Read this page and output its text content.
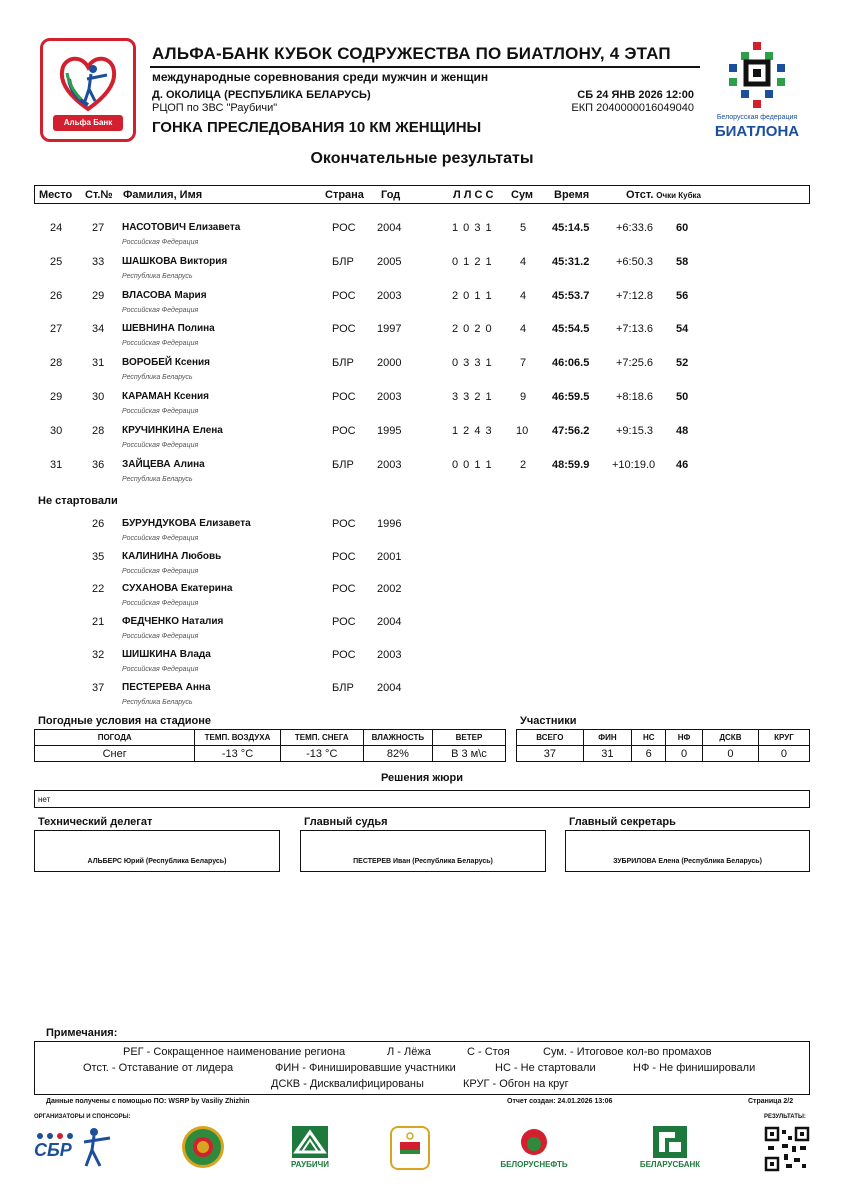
Альфа Банк
АЛЬФА-БАНК КУБОК СОДРУЖЕСТВА ПО БИАТЛОНУ, 4 ЭТАП
международные соревнования среди мужчин и женщин
Д. ОКОЛИЦА (РЕСПУБЛИКА БЕЛАРУСЬ)
РЦОП по ЗВС "Раубичи"
СБ 24 ЯНВ 2026 12:00
ЕКП 2040000016049040
ГОНКА ПРЕСЛЕДОВАНИЯ 10 КМ ЖЕНЩИНЫ
Белорусская федерация
БИАТЛОНА
Окончательные результаты
Место Ст.№ Фамилия, Имя	Страна Год	Л Л С С Сум Время	Отст. Очки Кубка
24	27 НАСОТОВИЧ Елизавета
Российская Федерация
РОС 2004	1 0 3 1	5 45:14.5 +6:33.6 60
25	33 ШАШКОВА Виктория
Республика Беларусь
БЛР 2005	0 1 2 1	4 45:31.2 +6:50.3 58
26	29 ВЛАСОВА Мария
Российская Федерация
РОС 2003	2 0 1 1	4 45:53.7 +7:12.8 56
27	34 ШЕВНИНА Полина
Российская Федерация
РОС 1997	2 0 2 0	4 45:54.5 +7:13.6 54
28	31 ВОРОБЕЙ Ксения
Республика Беларусь
БЛР 2000	0 3 3 1	7 46:06.5 +7:25.6 52
29	30 КАРАМАН Ксения
Российская Федерация
РОС 2003	3 3 2 1	9 46:59.5 +8:18.6 50
30	28 КРУЧИНКИНА Елена
Российская Федерация
РОС 1995	1 2 4 3 10 47:56.2 +9:15.3 48
31	36 ЗАЙЦЕВА Алина
Республика Беларусь
БЛР 2003	0 0 1 1	2 48:59.9 +10:19.0 46
Не стартовали
26 БУРУНДУКОВА Елизавета
Российская Федерация
РОС 1996
35 КАЛИНИНА Любовь
Российская Федерация
РОС 2001
22 СУХАНОВА Екатерина
Российская Федерация
РОС 2002
21 ФЕДЧЕНКО Наталия
Российская Федерация
РОС 2004
32 ШИШКИНА Влада
Российская Федерация
РОС 2003
37 ПЕСТЕРЕВА Анна
Республика Беларусь
БЛР 2004
Погодные условия на стадионе
ПОГОДА	ТЕМП. ВОЗДУХА	ТЕМП. СНЕГА	ВЛАЖНОСТЬ	ВЕТЕР
Снег	-13 °C	-13 °C	82%	В 3 м\с
Участники
ВСЕГО	ФИН	НС	НФ	ДСКВ	КРУГ
37	31	6	0	0	0
Решения жюри
нет
Технический делегат
АЛЬБЕРС Юрий (Республика Беларусь)
Главный судья
ПЕСТЕРЕВ Иван (Республика Беларусь)
Главный секретарь
ЗУБРИЛОВА Елена (Республика Беларусь)
Примечания:
РЕГ - Сокращенное наименование региона	Л - Лёжа	С - Стоя	Сум. - Итоговое кол-во промахов
Отст. - Отставание от лидера	ФИН - Финишировавшие участники	НС - Не стартовали	НФ - Не финишировали
ДСКВ - Дисквалифицированы	КРУГ - Обгон на круг
Данные получены с помощью ПО: WSRP by Vasiliy Zhizhin	Отчет создан: 24.01.2026 13:06	Страница 2/2
ОРГАНИЗАТОРЫ И СПОНСОРЫ:	РЕЗУЛЬТАТЫ:
СБР
РАУБИЧИ	БЕЛОРУСНЕФТЬ	БЕЛАРУСБАНК
